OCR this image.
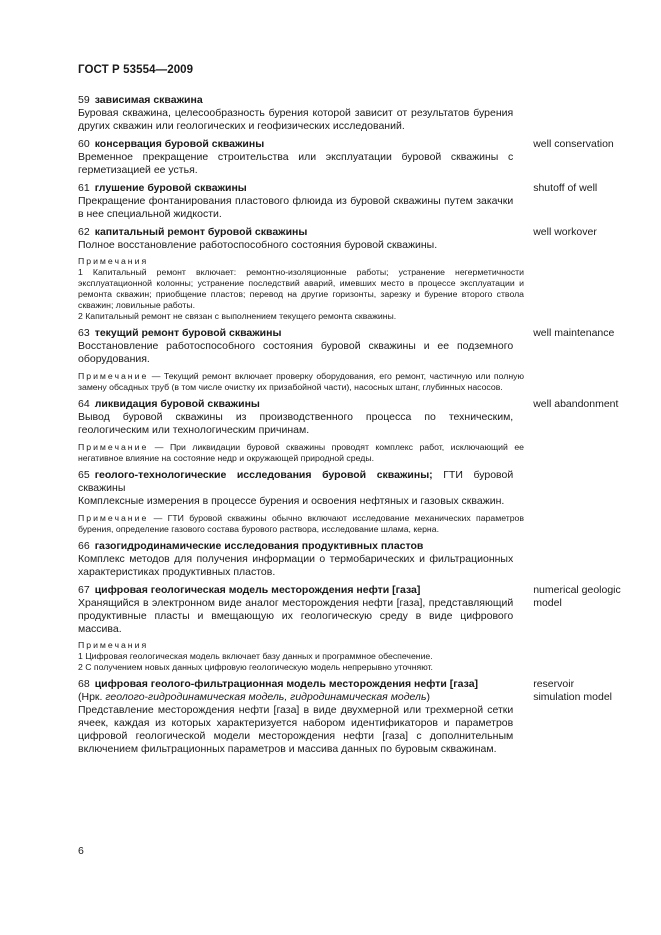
ГОСТ Р 53554—2009
59 зависимая скважина
Буровая скважина, целесообразность бурения которой зависит от результатов бурения других скважин или геологических и геофизических исследований.
60 консервация буровой скважины
Временное прекращение строительства или эксплуатации буровой скважины с герметизацией ее устья.
well conservation
61 глушение буровой скважины
Прекращение фонтанирования пластового флюида из буровой скважины путем закачки в нее специальной жидкости.
shutoff of well
62 капитальный ремонт буровой скважины
Полное восстановление работоспособного состояния буровой скважины.
well workover
Примечания
1 Капитальный ремонт включает: ремонтно-изоляционные работы; устранение негерметичности эксплуатационной колонны; устранение последствий аварий, имевших место в процессе эксплуатации и ремонта скважин; приобщение пластов; перевод на другие горизонты, зарезку и бурение второго ствола скважин; ловильные работы.
2 Капитальный ремонт не связан с выполнением текущего ремонта скважины.
63 текущий ремонт буровой скважины
Восстановление работоспособного состояния буровой скважины и ее подземного оборудования.
well maintenance
Примечание — Текущий ремонт включает проверку оборудования, его ремонт, частичную или полную замену обсадных труб (в том числе очистку их призабойной части), насосных штанг, глубинных насосов.
64 ликвидация буровой скважины
Вывод буровой скважины из производственного процесса по техническим, геологическим или технологическим причинам.
well abandonment
Примечание — При ликвидации буровой скважины проводят комплекс работ, исключающий ее негативное влияние на состояние недр и окружающей природной среды.
65 геолого-технологические исследования буровой скважины; ГТИ буровой скважины
Комплексные измерения в процессе бурения и освоения нефтяных и газовых скважин.
Примечание — ГТИ буровой скважины обычно включают исследование механических параметров бурения, определение газового состава бурового раствора, исследование шлама, керна.
66 газогидродинамические исследования продуктивных пластов
Комплекс методов для получения информации о термобарических и фильтрационных характеристиках продуктивных пластов.
67 цифровая геологическая модель месторождения нефти [газа]
Хранящийся в электронном виде аналог месторождения нефти [газа], представляющий продуктивные пласты и вмещающую их геологическую среду в виде цифрового массива.
numerical geologic model
Примечания
1 Цифровая геологическая модель включает базу данных и программное обеспечение.
2 С получением новых данных цифровую геологическую модель непрерывно уточняют.
68 цифровая геолого-фильтрационная модель месторождения нефти [газа]
(Нрк. геолого-гидродинамическая модель, гидродинамическая модель)
Представление месторождения нефти [газа] в виде двухмерной или трехмерной сетки ячеек, каждая из которых характеризуется набором идентификаторов и параметров цифровой геологической модели месторождения нефти [газа] с дополнительным включением фильтрационных параметров и массива данных по буровым скважинам.
reservoir simulation model
6
